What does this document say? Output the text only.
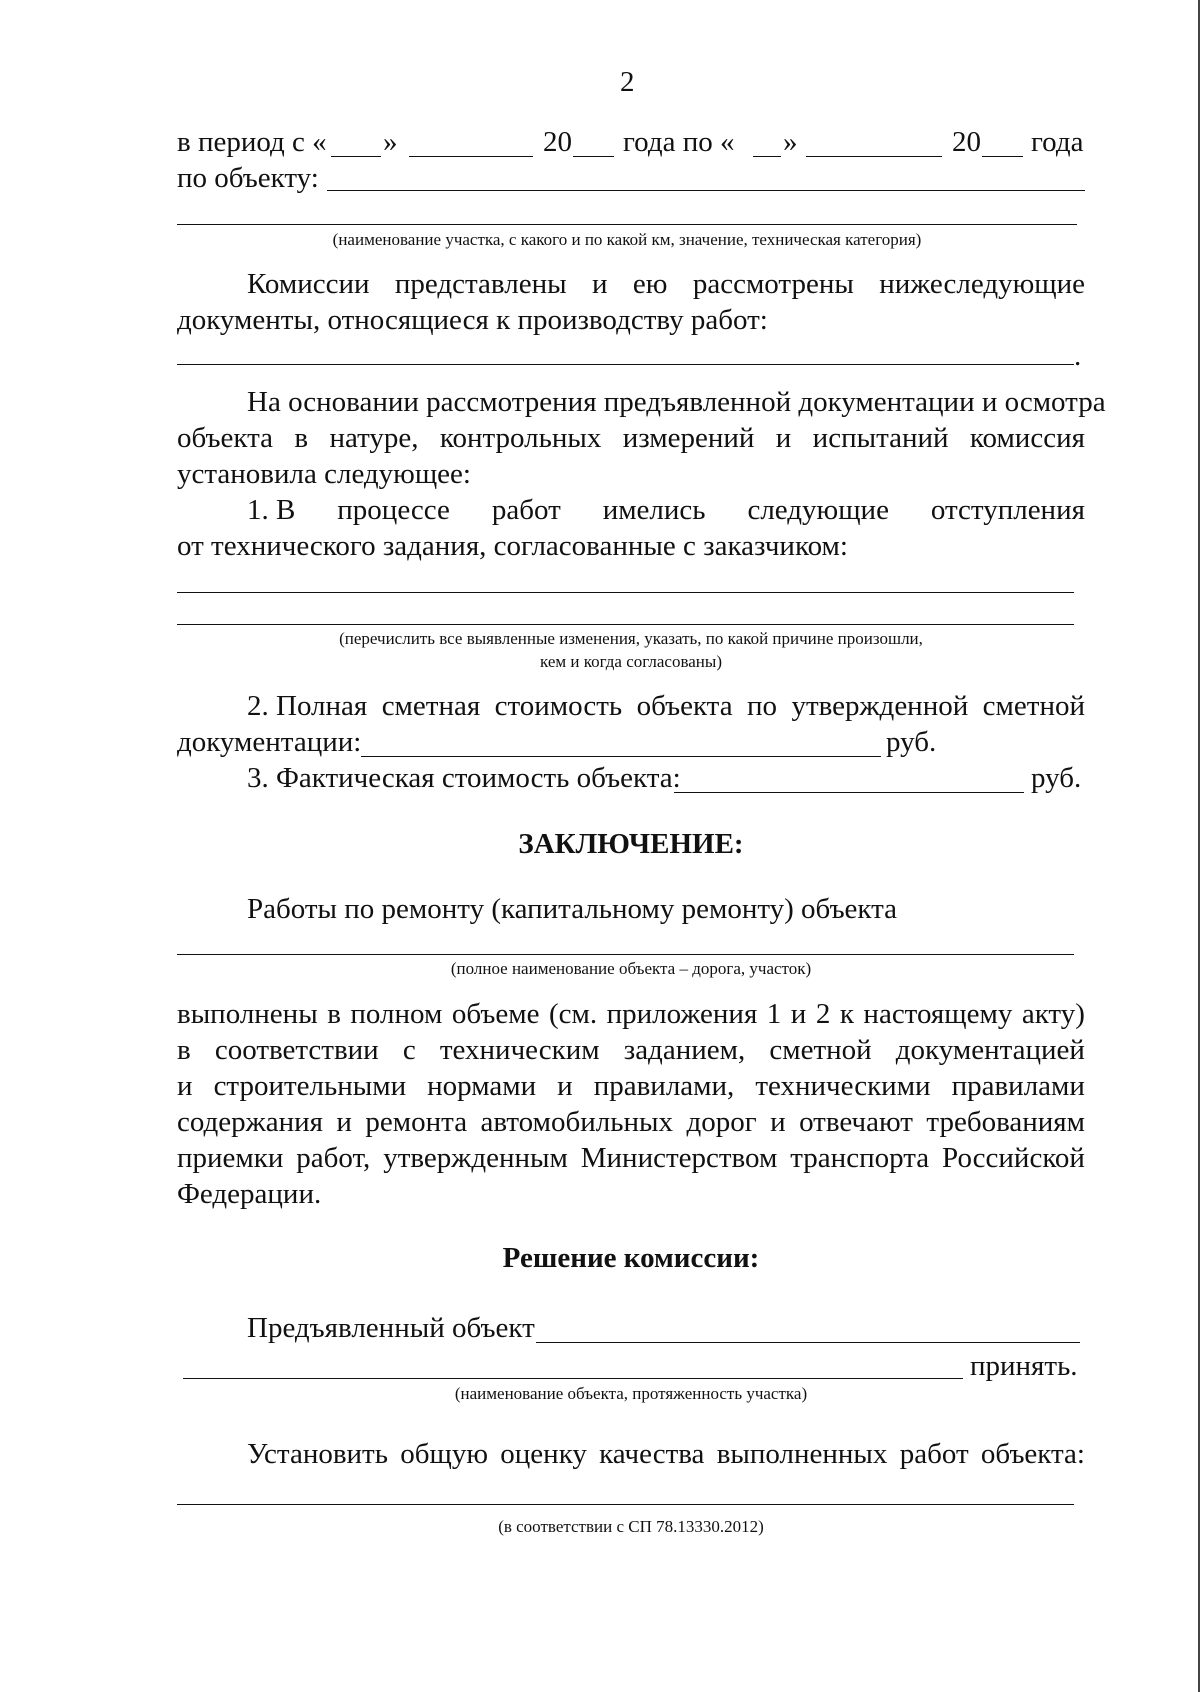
2
в период с « »	20 года по « »	20 года
по объекту:
(наименование участка, с какого и по какой км, значение, техническая категория)
Комиссии представлены и ею рассмотрены нижеследующие
документы, относящиеся к производству работ:
.
На основании рассмотрения предъявленной документации и осмотра
объекта в натуре, контрольных измерений и испытаний комиссия
установила следующее:
1. В процессе работ имелись следующие отступления
от технического задания, согласованные с заказчиком:
(перечислить все выявленные изменения, указать, по какой причине произошли,
кем и когда согласованы)
2. Полная сметная стоимость объекта по утвержденной сметной
документации:	руб.
3. Фактическая стоимость объекта:	руб.
ЗАКЛЮЧЕНИЕ:
Работы по ремонту (капитальному ремонту) объекта
(полное наименование объекта – дорога, участок)
выполнены в полном объеме (см. приложения 1 и 2 к настоящему акту)
в соответствии с техническим заданием, сметной документацией
и строительными нормами и правилами, техническими правилами
содержания и ремонта автомобильных дорог и отвечают требованиям
приемки работ, утвержденным Министерством транспорта Российской
Федерации.
Решение комиссии:
Предъявленный объект
принять.
(наименование объекта, протяженность участка)
Установить общую оценку качества выполненных работ объекта:
(в соответствии с СП 78.13330.2012)
